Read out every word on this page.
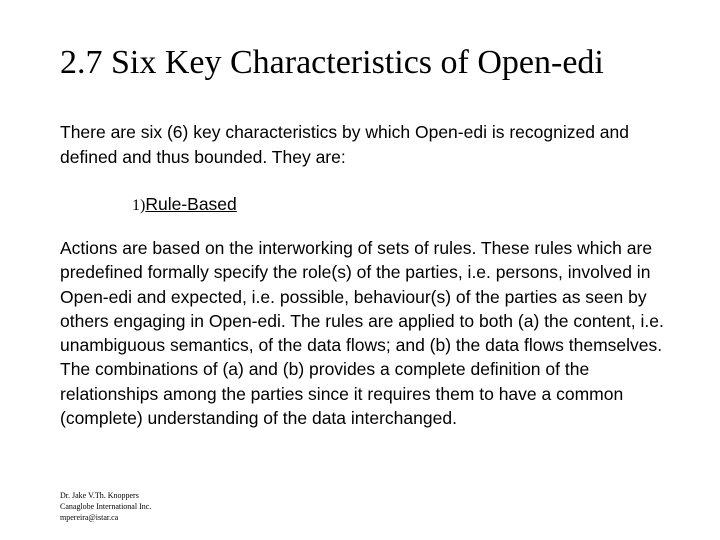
2.7 Six Key Characteristics of Open-edi

There are six (6) key characteristics by which Open-edi is recognized and defined and thus bounded. They are:

1)Rule-Based

Actions are based on the interworking of sets of rules. These rules which are predefined formally specify the role(s) of the parties, i.e. persons, involved in Open-edi and expected, i.e. possible, behaviour(s) of the parties as seen by others engaging in Open-edi. The rules are applied to both (a) the content, i.e. unambiguous semantics, of the data flows; and (b) the data flows themselves. The combinations of (a) and (b) provides a complete definition of the relationships among the parties since it requires them to have a common (complete) understanding of the data interchanged.

Dr. Jake V.Th. Knoppers
Canaglobe International Inc.
mpereira@istar.ca
